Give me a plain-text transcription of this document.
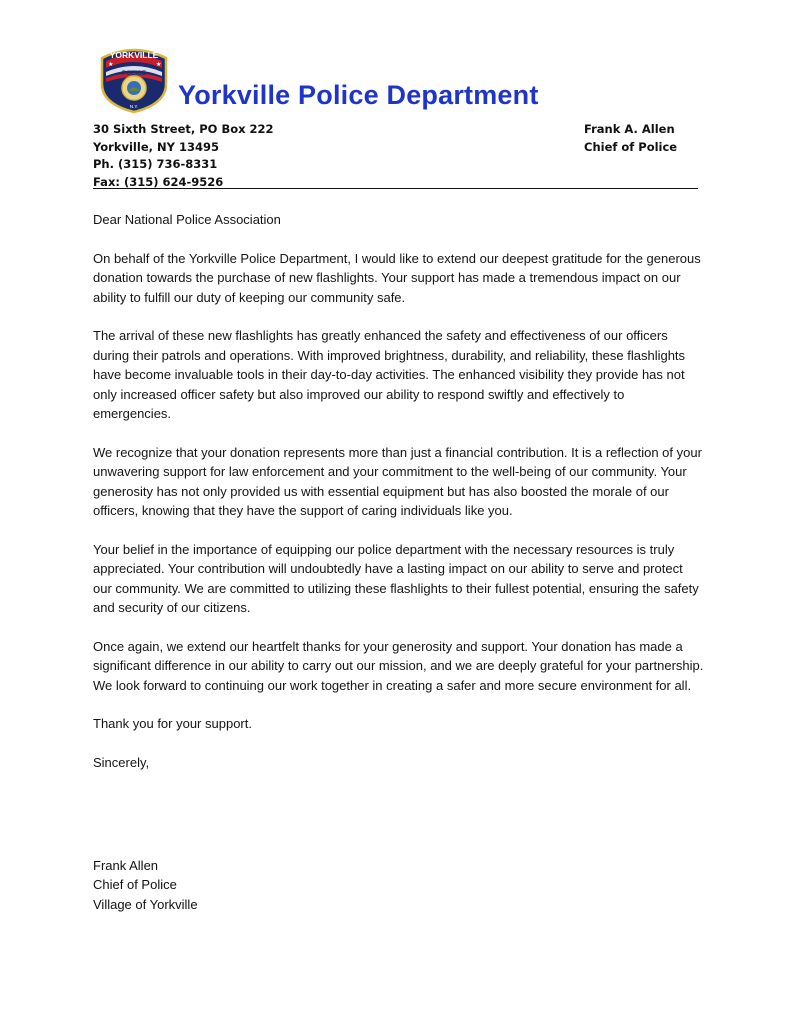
★	★
YORKVILLE
POLICE
N.Y. Yorkville Police Department
30 Sixth Street, PO Box 222
Yorkville, NY 13495
Ph. (315) 736-8331
Fax: (315) 624-9526
Frank A. Allen
Chief of Police

Dear National Police Association

On behalf of the Yorkville Police Department, I would like to extend our deepest gratitude for the generous donation towards the purchase of new flashlights. Your support has made a tremendous impact on our ability to fulfill our duty of keeping our community safe.

The arrival of these new flashlights has greatly enhanced the safety and effectiveness of our officers during their patrols and operations. With improved brightness, durability, and reliability, these flashlights have become invaluable tools in their day-to-day activities. The enhanced visibility they provide has not only increased officer safety but also improved our ability to respond swiftly and effectively to emergencies.

We recognize that your donation represents more than just a financial contribution. It is a reflection of your unwavering support for law enforcement and your commitment to the well-being of our community. Your generosity has not only provided us with essential equipment but has also boosted the morale of our officers, knowing that they have the support of caring individuals like you.

Your belief in the importance of equipping our police department with the necessary resources is truly appreciated. Your contribution will undoubtedly have a lasting impact on our ability to serve and protect our community. We are committed to utilizing these flashlights to their fullest potential, ensuring the safety and security of our citizens.

Once again, we extend our heartfelt thanks for your generosity and support. Your donation has made a significant difference in our ability to carry out our mission, and we are deeply grateful for your partnership. We look forward to continuing our work together in creating a safer and more secure environment for all.

Thank you for your support.

Sincerely,

Frank Allen
Chief of Police
Village of Yorkville
